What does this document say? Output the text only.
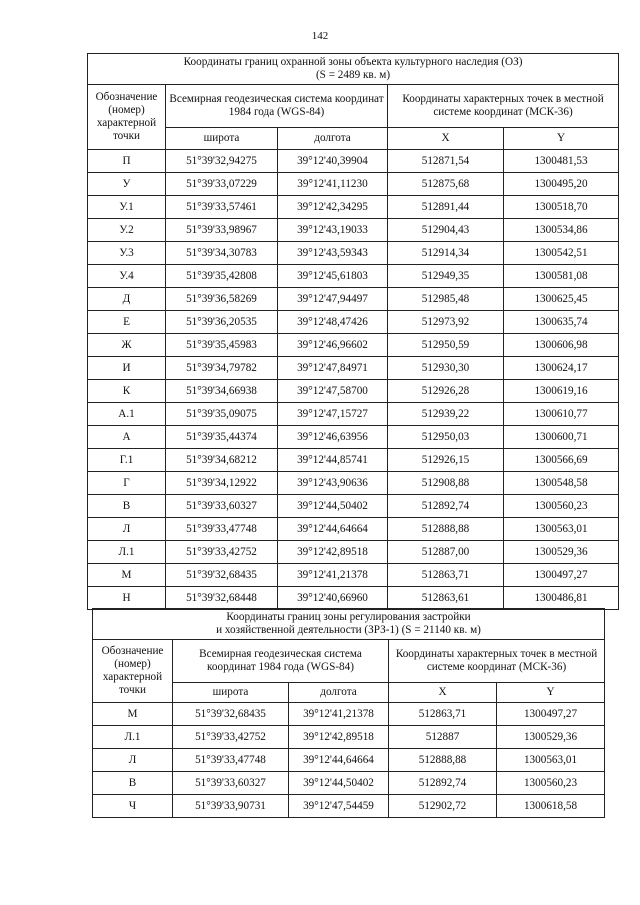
142
Координаты границ охранной зоны объекта культурного наследия (ОЗ)
(S = 2489 кв. м)				

Обозначение (номер) характерной точки	Всемирная геодезическая система координат 1984 года (WGS-84)		Координаты характерных точек в местной системе координат (МСК-36)	
	широта	долгота	X	Y
П	51°39'32,94275	39°12'40,39904	512871,54	1300481,53
У	51°39'33,07229	39°12'41,11230	512875,68	1300495,20
У.1	51°39'33,57461	39°12'42,34295	512891,44	1300518,70
У.2	51°39'33,98967	39°12'43,19033	512904,43	1300534,86
У.3	51°39'34,30783	39°12'43,59343	512914,34	1300542,51
У.4	51°39'35,42808	39°12'45,61803	512949,35	1300581,08
Д	51°39'36,58269	39°12'47,94497	512985,48	1300625,45
Е	51°39'36,20535	39°12'48,47426	512973,92	1300635,74
Ж	51°39'35,45983	39°12'46,96602	512950,59	1300606,98
И	51°39'34,79782	39°12'47,84971	512930,30	1300624,17
К	51°39'34,66938	39°12'47,58700	512926,28	1300619,16
А.1	51°39'35,09075	39°12'47,15727	512939,22	1300610,77
А	51°39'35,44374	39°12'46,63956	512950,03	1300600,71
Г.1	51°39'34,68212	39°12'44,85741	512926,15	1300566,69
Г	51°39'34,12922	39°12'43,90636	512908,88	1300548,58
В	51°39'33,60327	39°12'44,50402	512892,74	1300560,23
Л	51°39'33,47748	39°12'44,64664	512888,88	1300563,01
Л.1	51°39'33,42752	39°12'42,89518	512887,00	1300529,36
М	51°39'32,68435	39°12'41,21378	512863,71	1300497,27
Н	51°39'32,68448	39°12'40,66960	512863,61	1300486,81
Координаты границ зоны регулирования застройки
и хозяйственной деятельности (ЗРЗ-1) (S = 21140 кв. м)				

Обозначение (номер) характерной точки	Всемирная геодезическая система координат 1984 года (WGS-84)		Координаты характерных точек в местной системе координат (МСК-36)	
	широта	долгота	X	Y
М	51°39'32,68435	39°12'41,21378	512863,71	1300497,27
Л.1	51°39'33,42752	39°12'42,89518	512887	1300529,36
Л	51°39'33,47748	39°12'44,64664	512888,88	1300563,01
В	51°39'33,60327	39°12'44,50402	512892,74	1300560,23
Ч	51°39'33,90731	39°12'47,54459	512902,72	1300618,58
